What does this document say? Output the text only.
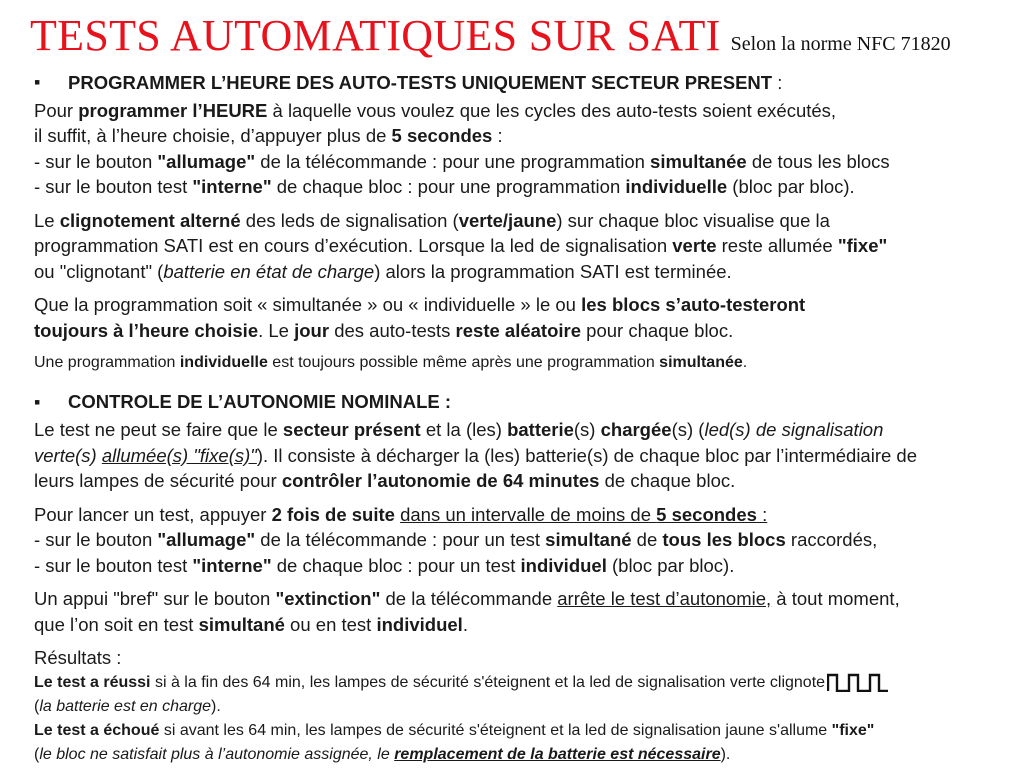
TESTS AUTOMATIQUES SUR SATI Selon la norme NFC 71820
▪PROGRAMMER L’HEURE DES AUTO-TESTS UNIQUEMENT SECTEUR PRESENT :
Pour programmer l’HEURE à laquelle vous voulez que les cycles des auto-tests soient exécutés,
il suffit, à l’heure choisie, d’appuyer plus de 5 secondes :
- sur le bouton "allumage" de la télécommande : pour une programmation simultanée de tous les blocs
- sur le bouton test "interne" de chaque bloc : pour une programmation individuelle (bloc par bloc).
Le clignotement alterné des leds de signalisation (verte/jaune) sur chaque bloc visualise que la
programmation SATI est en cours d’exécution. Lorsque la led de signalisation verte reste allumée "fixe"
ou "clignotant" (batterie en état de charge) alors la programmation SATI est terminée.
Que la programmation soit « simultanée » ou « individuelle » le ou les blocs s’auto-testeront
toujours à l’heure choisie. Le jour des auto-tests reste aléatoire pour chaque bloc.
Une programmation individuelle est toujours possible même après une programmation simultanée.
▪CONTROLE DE L’AUTONOMIE NOMINALE :
Le test ne peut se faire que le secteur présent et la (les) batterie(s) chargée(s) (led(s) de signalisation
verte(s) allumée(s) "fixe(s)"). Il consiste à décharger la (les) batterie(s) de chaque bloc par l’intermédiaire de
leurs lampes de sécurité pour contrôler l’autonomie de 64 minutes de chaque bloc.
Pour lancer un test, appuyer 2 fois de suite dans un intervalle de moins de 5 secondes :
- sur le bouton "allumage" de la télécommande : pour un test simultané de tous les blocs raccordés,
- sur le bouton test "interne" de chaque bloc : pour un test individuel (bloc par bloc).
Un appui "bref" sur le bouton "extinction" de la télécommande arrête le test d’autonomie, à tout moment,
que l’on soit en test simultané ou en test individuel.
Résultats :
Le test a réussi si à la fin des 64 min, les lampes de sécurité s'éteignent et la led de signalisation verte clignote
(la batterie est en charge).
Le test a échoué si avant les 64 min, les lampes de sécurité s'éteignent et la led de signalisation jaune s'allume "fixe"
(le bloc ne satisfait plus à l’autonomie assignée, le remplacement de la batterie est nécessaire).
